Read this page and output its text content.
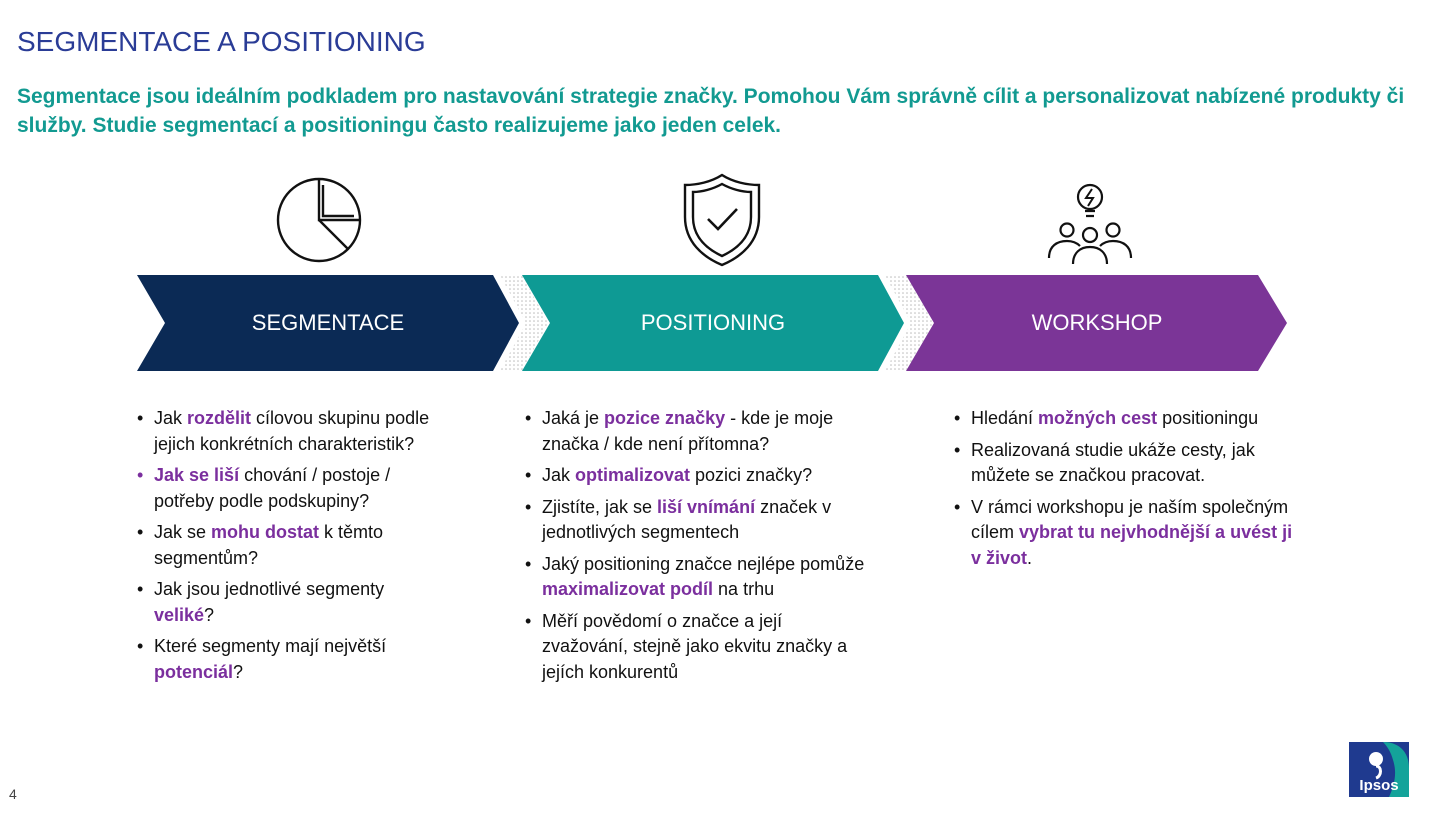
SEGMENTACE A POSITIONING
Segmentace jsou ideálním podkladem pro nastavování strategie značky. Pomohou Vám správně cílit a personalizovat nabízené produkty či služby. Studie segmentací a positioningu často realizujeme jako jeden celek.
SEGMENTACE	POSITIONING	WORKSHOP
• Jak rozdělit cílovou skupinu podle jejich konkrétních charakteristik?
• Jak se liší chování / postoje / potřeby podle podskupiny?
• Jak se mohu dostat k těmto segmentům?
• Jak jsou jednotlivé segmenty veliké?
• Které segmenty mají největší potenciál?
• Jaká je pozice značky - kde je moje značka / kde není přítomna?
• Jak optimalizovat pozici značky?
• Zjistíte, jak se liší vnímání značek v jednotlivých segmentech
• Jaký positioning značce nejlépe pomůže maximalizovat podíl na trhu
• Měří povědomí o značce a její zvažování, stejně jako ekvitu značky a jejích konkurentů
• Hledání možných cest positioningu
• Realizovaná studie ukáže cesty, jak můžete se značkou pracovat.
• V rámci workshopu je naším společným cílem vybrat tu nejvhodnější a uvést ji v život.
4	Ipsos
